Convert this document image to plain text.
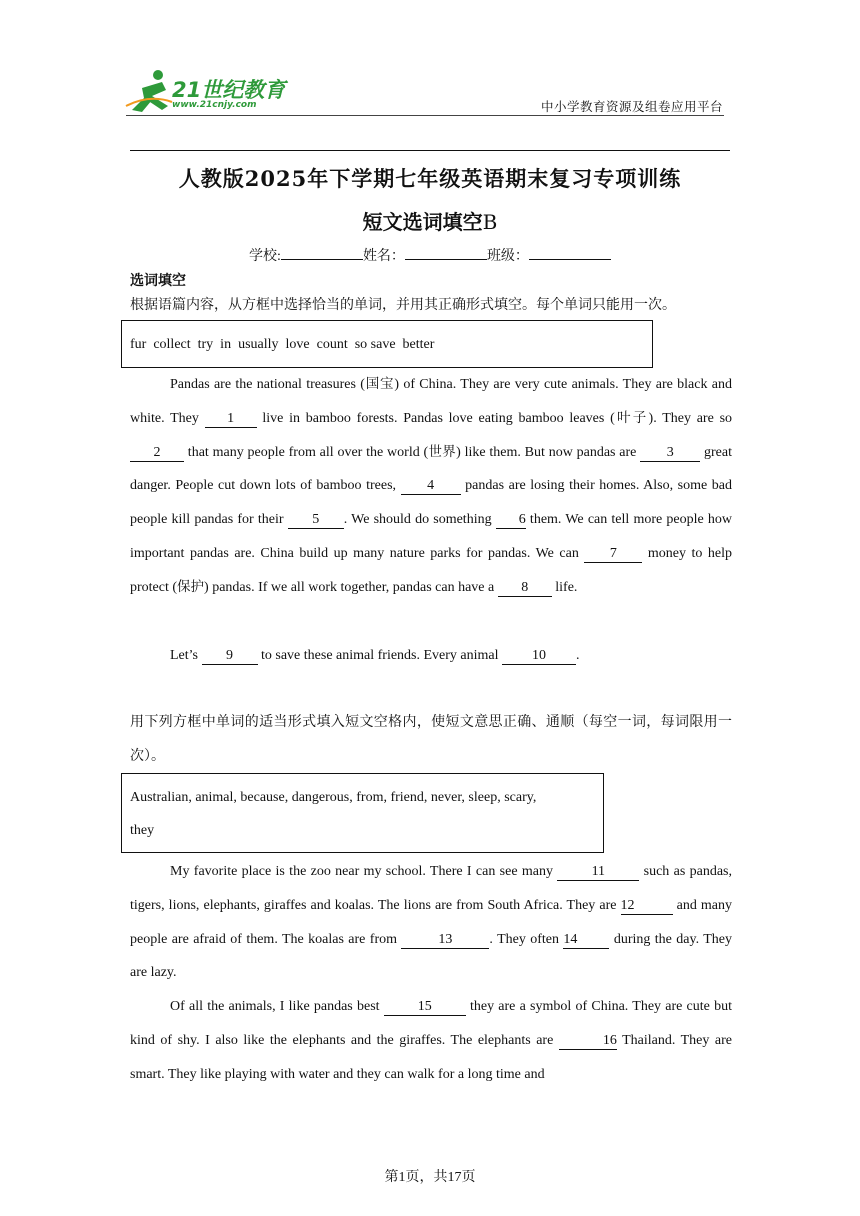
21世纪教育
www.21cnjy.com	中小学教育资源及组卷应用平台
人教版2025年下学期七年级英语期末复习专项训练
短文选词填空B
学校:	姓名：	班级：
选词填空
根据语篇内容，从方框中选择恰当的单词，并用其正确形式填空。每个单词只能用一次。
fur  collect  try  in  usually  love  count  so save  better
Pandas are the national treasures (国宝) of China. They are very cute animals. They are black and white. They 1 live in bamboo forests. Pandas love eating bamboo leaves (叶子). They are so 2 that many people from all over the world (世界) like them. But now pandas are 3 great danger. People cut down lots of bamboo trees, 4 pandas are losing their homes. Also, some bad people kill pandas for their 5 . We should do something 6 them. We can tell more people how important pandas are. China build up many nature parks for pandas. We can 7 money to help protect (保护) pandas. If we all work together, pandas can have a 8 life.
Let’s 9 to save these animal friends. Every animal 10 .
用下列方框中单词的适当形式填入短文空格内，使短文意思正确、通顺（每空一词，每词限用一次）。
Australian, animal, because, dangerous, from, friend, never, sleep, scary,
they
My favorite place is the zoo near my school. There I can see many 11 such as pandas, tigers, lions, elephants, giraffes and koalas. The lions are from South Africa. They are 12	and many people are afraid of them. The koalas are from	13	. They often 14 during the day. They are lazy.
Of all the animals, I like pandas best 15 they are a symbol of China. They are cute but kind of shy. I also like the elephants and the giraffes. The elephants are	16 Thailand. They are smart. They like playing with water and they can walk for a long time and
第1页，共17页
